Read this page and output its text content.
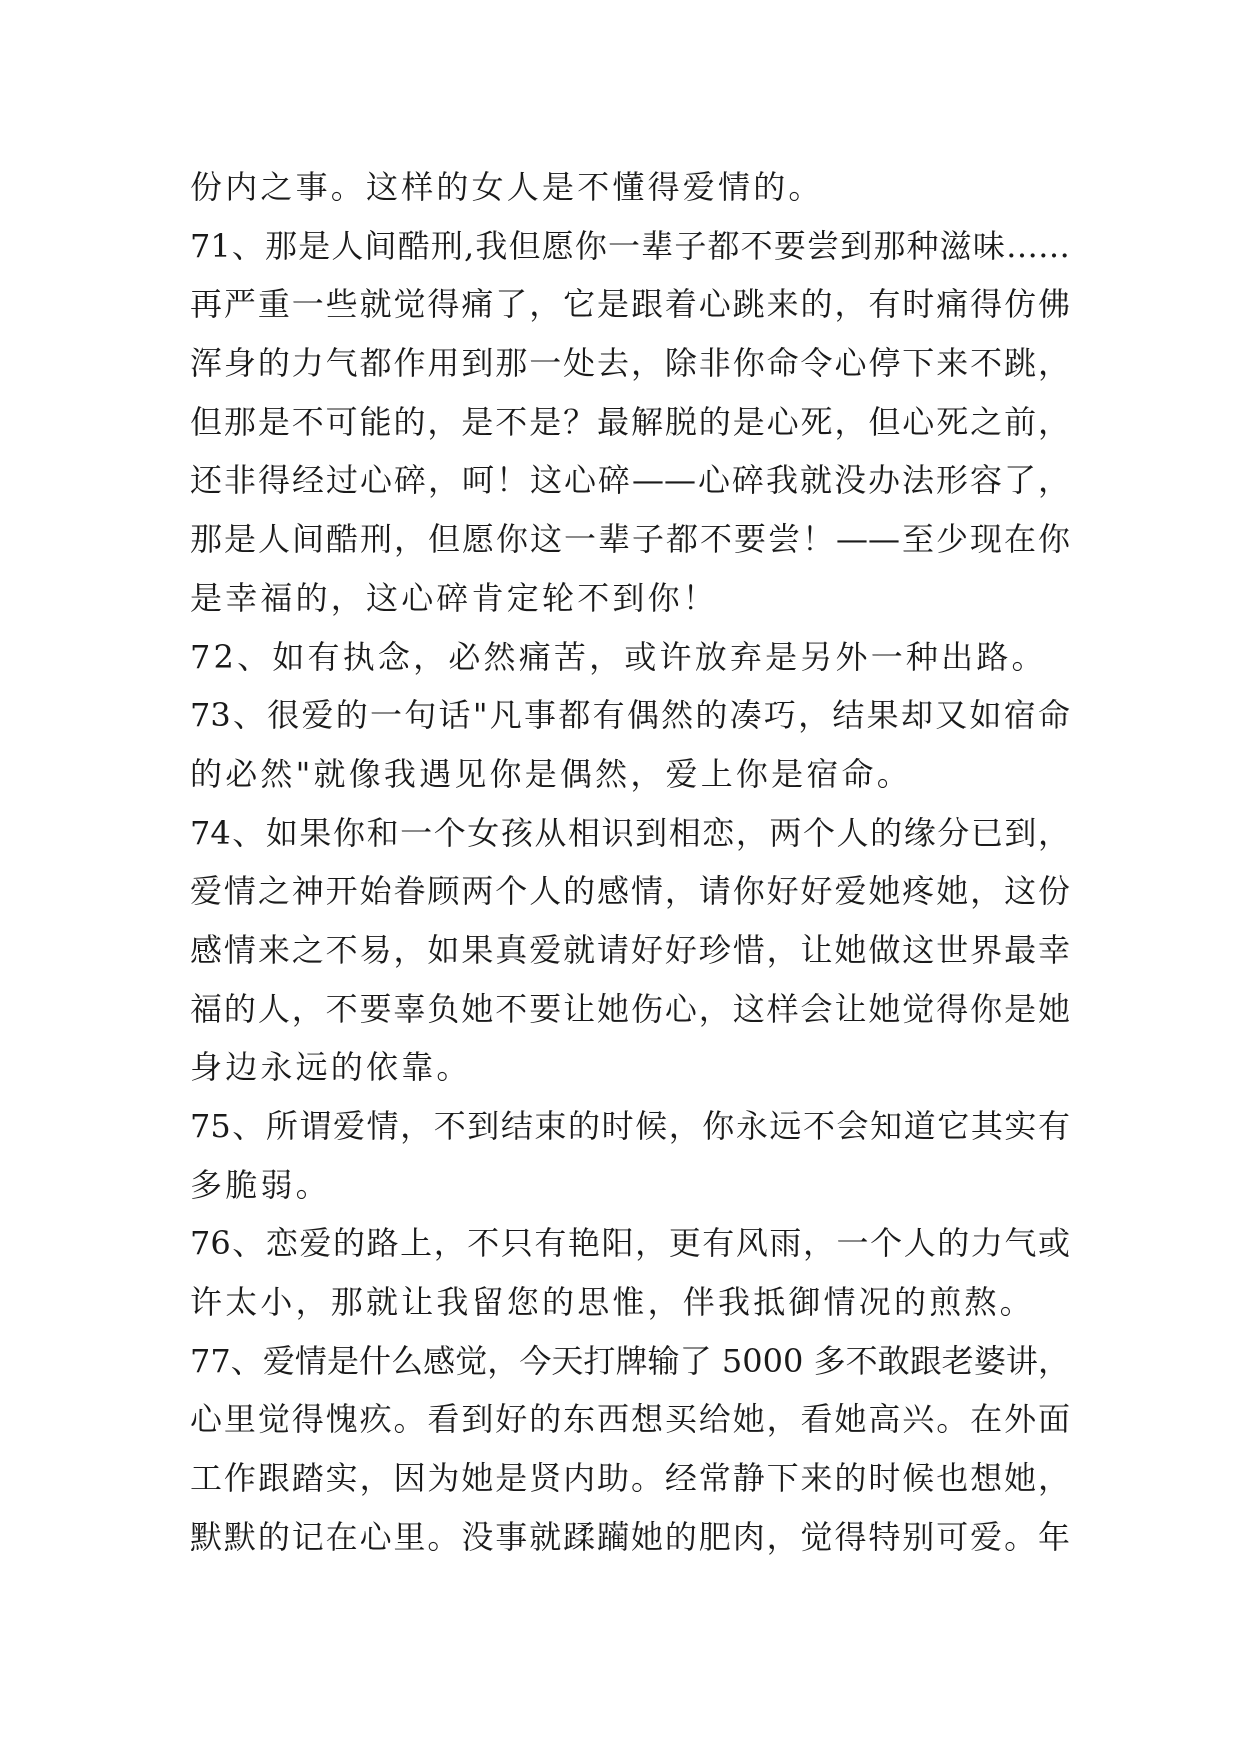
份内之事。这样的女人是不懂得爱情的。
71、那是人间酷刑,我但愿你一辈子都不要尝到那种滋味……
再严重一些就觉得痛了，它是跟着心跳来的，有时痛得仿佛
浑身的力气都作用到那一处去，除非你命令心停下来不跳，
但那是不可能的，是不是？最解脱的是心死，但心死之前，
还非得经过心碎，呵！这心碎——心碎我就没办法形容了，
那是人间酷刑，但愿你这一辈子都不要尝！——至少现在你
是幸福的，这心碎肯定轮不到你！
72、如有执念，必然痛苦，或许放弃是另外一种出路。
73、很爱的一句话"凡事都有偶然的凑巧，结果却又如宿命
的必然"就像我遇见你是偶然，爱上你是宿命。
74、如果你和一个女孩从相识到相恋，两个人的缘分已到，
爱情之神开始眷顾两个人的感情，请你好好爱她疼她，这份
感情来之不易，如果真爱就请好好珍惜，让她做这世界最幸
福的人，不要辜负她不要让她伤心，这样会让她觉得你是她
身边永远的依靠。
75、所谓爱情，不到结束的时候，你永远不会知道它其实有
多脆弱。
76、恋爱的路上，不只有艳阳，更有风雨，一个人的力气或
许太小，那就让我留您的思惟，伴我抵御情况的煎熬。
77、爱情是什么感觉，今天打牌输了 5000 多不敢跟老婆讲，
心里觉得愧疚。看到好的东西想买给她，看她高兴。在外面
工作跟踏实，因为她是贤内助。经常静下来的时候也想她，
默默的记在心里。没事就蹂躏她的肥肉，觉得特别可爱。年
